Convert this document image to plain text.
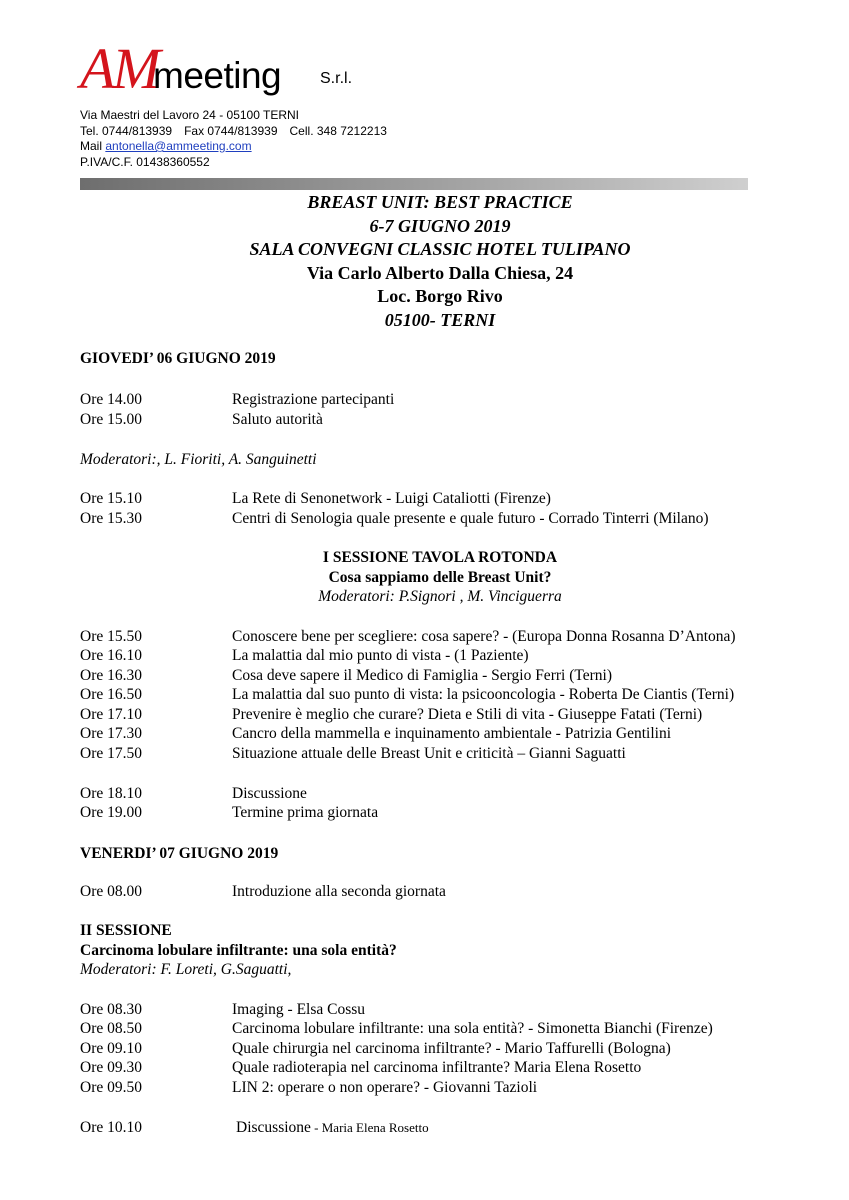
AM
meeting S.r.l.
Via Maestri del Lavoro 24 - 05100 TERNI
Tel. 0744/813939 Fax 0744/813939 Cell. 348 7212213
Mail antonella@ammeeting.com
P.IVA/C.F. 01438360552
BREAST UNIT: BEST PRACTICE
6-7 GIUGNO 2019
SALA CONVEGNI CLASSIC HOTEL TULIPANO
Via Carlo Alberto Dalla Chiesa, 24
Loc. Borgo Rivo
05100- TERNI
GIOVEDI’ 06 GIUGNO 2019
Ore 14.00	Registrazione partecipanti
Ore 15.00	Saluto autorità
Moderatori:, L. Fioriti, A. Sanguinetti
Ore 15.10	La Rete di Senonetwork - Luigi Cataliotti (Firenze)
Ore 15.30	Centri di Senologia quale presente e quale futuro - Corrado Tinterri (Milano)
I SESSIONE TAVOLA ROTONDA
Cosa sappiamo delle Breast Unit?
Moderatori: P.Signori , M. Vinciguerra
Ore 15.50	Conoscere bene per scegliere: cosa sapere? - (Europa Donna Rosanna D’Antona)
Ore 16.10	La malattia dal mio punto di vista - (1 Paziente)
Ore 16.30	Cosa deve sapere il Medico di Famiglia - Sergio Ferri (Terni)
Ore 16.50	La malattia dal suo punto di vista: la psicooncologia - Roberta De Ciantis (Terni)
Ore 17.10	Prevenire è meglio che curare? Dieta e Stili di vita - Giuseppe Fatati (Terni)
Ore 17.30	Cancro della mammella e inquinamento ambientale - Patrizia Gentilini
Ore 17.50	Situazione attuale delle Breast Unit e criticità – Gianni Saguatti
Ore 18.10	Discussione
Ore 19.00	Termine prima giornata
VENERDI’ 07 GIUGNO 2019
Ore 08.00	Introduzione alla seconda giornata
II SESSIONE
Carcinoma lobulare infiltrante: una sola entità?
Moderatori: F. Loreti, G.Saguatti,
Ore 08.30	Imaging - Elsa Cossu
Ore 08.50	Carcinoma lobulare infiltrante: una sola entità? - Simonetta Bianchi (Firenze)
Ore 09.10	Quale chirurgia nel carcinoma infiltrante? - Mario Taffurelli (Bologna)
Ore 09.30	Quale radioterapia nel carcinoma infiltrante? Maria Elena Rosetto
Ore 09.50	LIN 2: operare o non operare? - Giovanni Tazioli
Ore 10.10	Discussione - Maria Elena Rosetto
